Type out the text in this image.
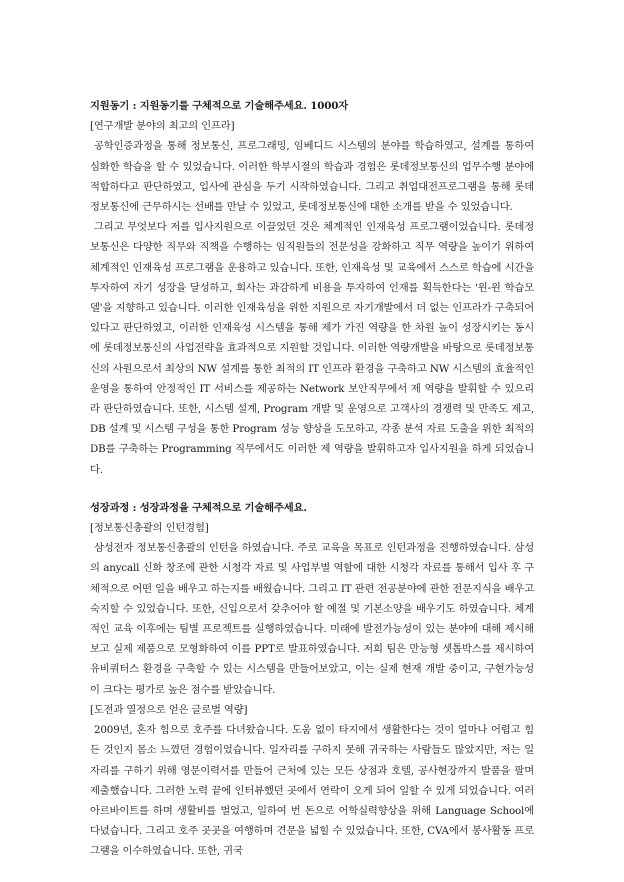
지원동기 : 지원동기를 구체적으로 기술해주세요. 1000자

[연구개발 분야의 최고의 인프라]

공학인증과정을 통해 정보통신, 프로그래밍, 임베디드 시스템의 분야를 학습하였고, 설계를 통하여 심화한 학습을 할 수 있었습니다. 이러한 학부시절의 학습과 경험은 롯데정보통신의 업무수행 분야에 적합하다고 판단하였고, 입사에 관심을 두기 시작하였습니다. 그리고 취업대전프로그램을 통해 롯데정보통신에 근무하시는 선배를 만날 수 있었고, 롯데정보통신에 대한 소개를 받을 수 있었습니다.

그리고 무엇보다 저를 입사지원으로 이끌었던 것은 체계적인 인재육성 프로그램이었습니다. 롯데정보통신은 다양한 직무와 직책을 수행하는 임직원들의 전문성을 강화하고 직무 역량을 높이기 위하여 체계적인 인재육성 프로그램을 운용하고 있습니다. 또한, 인재육성 및 교육에서 스스로 학습에 시간을 투자하여 자기 성장을 달성하고, 회사는 과감하게 비용을 투자하여 인재를 획득한다는 '윈-윈 학습모델'을 지향하고 있습니다. 이러한 인재육성을 위한 지원으로 자기개발에서 더 없는 인프라가 구축되어 있다고 판단하였고, 이러한 인재육성 시스템을 통해 제가 가진 역량을 한 차원 높이 성장시키는 동시에 롯데정보통신의 사업전략을 효과적으로 지원할 것입니다. 이러한 역량개발을 바탕으로 롯데정보통신의 사원으로서 최상의 NW 설계를 통한 최적의 IT 인프라 환경을 구축하고 NW 시스템의 효율적인 운영을 통하여 안정적인 IT 서비스를 제공하는 Network 보안직무에서 제 역량을 발휘할 수 있으리라 판단하였습니다. 또한, 시스템 설계, Program 개발 및 운영으로 고객사의 경쟁력 및 만족도 제고, DB 설계 및 시스템 구성을 통한 Program 성능 향상을 도모하고, 각종 분석 자료 도출을 위한 최적의 DB를 구축하는 Programming 직무에서도 이러한 제 역량을 발휘하고자 입사지원을 하게 되었습니다.

성장과정 : 성장과정을 구체적으로 기술해주세요.

[정보통신총괄의 인턴경험]

삼성전자 정보통신총괄의 인턴을 하였습니다. 주로 교육을 목표로 인턴과정을 진행하였습니다. 삼성의 anycall 신화 창조에 관한 시청각 자료 및 사업부별 역할에 대한 시청각 자료를 통해서 입사 후 구체적으로 어떤 일을 배우고 하는지를 배웠습니다. 그리고 IT 관련 전공분야에 관한 전문지식을 배우고 숙지할 수 있었습니다. 또한, 신입으로서 갖추어야 할 예절 및 기본소양을 배우기도 하였습니다. 체계적인 교육 이후에는 팀별 프로젝트를 실행하였습니다. 미래에 발전가능성이 있는 분야에 대해 제시해보고 실제 제품으로 모형화하여 이를 PPT로 발표하였습니다. 저희 팀은 만능형 셋톱박스를 제시하여 유비쿼터스 환경을 구축할 수 있는 시스템을 만들어보았고, 이는 실제 현재 개발 중이고, 구현가능성이 크다는 평가로 높은 점수를 받았습니다.

[도전과 열정으로 얻은 글로벌 역량]

2009년, 혼자 힘으로 호주를 다녀왔습니다. 도움 없이 타지에서 생활한다는 것이 얼마나 어렵고 힘든 것인지 몸소 느꼈던 경험이었습니다. 일자리를 구하지 못해 귀국하는 사람들도 많았지만, 저는 일자리를 구하기 위해 영문이력서를 만들어 근처에 있는 모든 상점과 호텔, 공사현장까지 발품을 팔며 제출했습니다. 그러한 노력 끝에 인터뷰했던 곳에서 연락이 오게 되어 일할 수 있게 되었습니다. 여러 아르바이트를 하며 생활비를 벌었고, 일하여 번 돈으로 어학실력향상을 위해 Language School에 다녔습니다. 그리고 호주 곳곳을 여행하며 견문을 넓힐 수 있었습니다. 또한, CVA에서 봉사활동 프로그램을 이수하였습니다. 또한, 귀국
